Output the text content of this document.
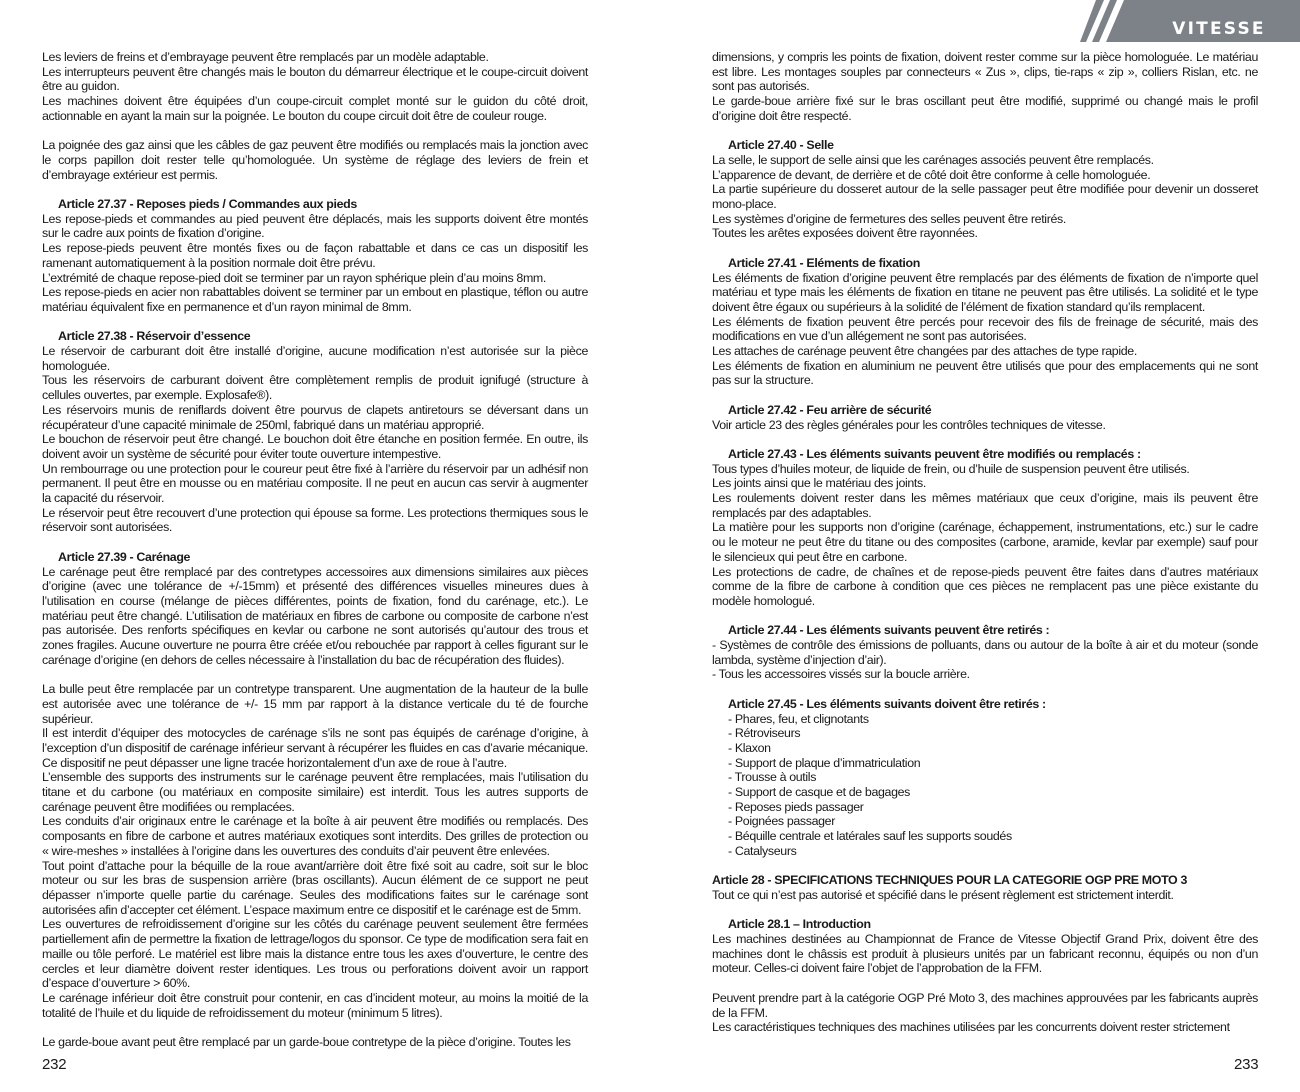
VITESSE

Les leviers de freins et d’embrayage peuvent être remplacés par un modèle adaptable.

Les interrupteurs peuvent être changés mais le bouton du démarreur électrique et le coupe-circuit doivent être au guidon.

Les machines doivent être équipées d’un coupe-circuit complet monté sur le guidon du côté droit, actionnable en ayant la main sur la poignée. Le bouton du coupe circuit doit être de couleur rouge.

La poignée des gaz ainsi que les câbles de gaz peuvent être modifiés ou remplacés mais la jonction avec le corps papillon doit rester telle qu’homologuée. Un système de réglage des leviers de frein et d’embrayage extérieur est permis.

Article 27.37 - Reposes pieds / Commandes aux pieds

Les repose-pieds et commandes au pied peuvent être déplacés, mais les supports doivent être montés sur le cadre aux points de fixation d’origine.

Les repose-pieds peuvent être montés fixes ou de façon rabattable et dans ce cas un dispositif les ramenant automatiquement à la position normale doit être prévu.

L’extrémité de chaque repose-pied doit se terminer par un rayon sphérique plein d’au moins 8mm.

Les repose-pieds en acier non rabattables doivent se terminer par un embout en plastique, téflon ou autre matériau équivalent fixe en permanence et d’un rayon minimal de 8mm.

Article 27.38 - Réservoir d’essence

Le réservoir de carburant doit être installé d’origine, aucune modification n’est autorisée sur la pièce homologuée.

Tous les réservoirs de carburant doivent être complètement remplis de produit ignifugé (structure à cellules ouvertes, par exemple. Explosafe®).

Les réservoirs munis de reniflards doivent être pourvus de clapets antiretours se déversant dans un récupérateur d’une capacité minimale de 250ml, fabriqué dans un matériau approprié.

Le bouchon de réservoir peut être changé. Le bouchon doit être étanche en position fermée. En outre, ils doivent avoir un système de sécurité pour éviter toute ouverture intempestive.

Un rembourrage ou une protection pour le coureur peut être fixé à l’arrière du réservoir par un adhésif non permanent. Il peut être en mousse ou en matériau composite. Il ne peut en aucun cas servir à augmenter la capacité du réservoir.

Le réservoir peut être recouvert d’une protection qui épouse sa forme. Les protections thermiques sous le réservoir sont autorisées.

Article 27.39 - Carénage

Le carénage peut être remplacé par des contretypes accessoires aux dimensions similaires aux pièces d’origine (avec une tolérance de +/-15mm) et présenté des différences visuelles mineures dues à l’utilisation en course (mélange de pièces différentes, points de fixation, fond du carénage, etc.). Le matériau peut être changé. L’utilisation de matériaux en fibres de carbone ou composite de carbone n’est pas autorisée. Des renforts spécifiques en kevlar ou carbone ne sont autorisés qu’autour des trous et zones fragiles. Aucune ouverture ne pourra être créée et/ou rebouchée par rapport à celles figurant sur le carénage d’origine (en dehors de celles nécessaire à l’installation du bac de récupération des fluides).

La bulle peut être remplacée par un contretype transparent. Une augmentation de la hauteur de la bulle est autorisée avec une tolérance de +/- 15 mm par rapport à la distance verticale du té de fourche supérieur.

Il est interdit d’équiper des motocycles de carénage s’ils ne sont pas équipés de carénage d’origine, à l’exception d’un dispositif de carénage inférieur servant à récupérer les fluides en cas d’avarie mécanique. Ce dispositif ne peut dépasser une ligne tracée horizontalement d’un axe de roue à l’autre.

L’ensemble des supports des instruments sur le carénage peuvent être remplacées, mais l’utilisation du titane et du carbone (ou matériaux en composite similaire) est interdit. Tous les autres supports de carénage peuvent être modifiées ou remplacées.

Les conduits d’air originaux entre le carénage et la boîte à air peuvent être modifiés ou remplacés. Des composants en fibre de carbone et autres matériaux exotiques sont interdits. Des grilles de protection ou « wire-meshes » installées à l’origine dans les ouvertures des conduits d’air peuvent être enlevées.

Tout point d’attache pour la béquille de la roue avant/arrière doit être fixé soit au cadre, soit sur le bloc moteur ou sur les bras de suspension arrière (bras oscillants). Aucun élément de ce support ne peut dépasser n’importe quelle partie du carénage. Seules des modifications faites sur le carénage sont autorisées afin d’accepter cet élément. L’espace maximum entre ce dispositif et le carénage est de 5mm.

Les ouvertures de refroidissement d’origine sur les côtés du carénage peuvent seulement être fermées partiellement afin de permettre la fixation de lettrage/logos du sponsor. Ce type de modification sera fait en maille ou tôle perforé. Le matériel est libre mais la distance entre tous les axes d’ouverture, le centre des cercles et leur diamètre doivent rester identiques. Les trous ou perforations doivent avoir un rapport d’espace d’ouverture > 60%.

Le carénage inférieur doit être construit pour contenir, en cas d’incident moteur, au moins la moitié de la totalité de l’huile et du liquide de refroidissement du moteur (minimum 5 litres).

Le garde-boue avant peut être remplacé par un garde-boue contretype de la pièce d’origine. Toutes les

dimensions, y compris les points de fixation, doivent rester comme sur la pièce homologuée. Le matériau est libre. Les montages souples par connecteurs « Zus », clips, tie-raps « zip », colliers Rislan, etc. ne sont pas autorisés.

Le garde-boue arrière fixé sur le bras oscillant peut être modifié, supprimé ou changé mais le profil d’origine doit être respecté.

Article 27.40 - Selle

La selle, le support de selle ainsi que les carénages associés peuvent être remplacés.

L’apparence de devant, de derrière et de côté doit être conforme à celle homologuée.

La partie supérieure du dosseret autour de la selle passager peut être modifiée pour devenir un dosseret mono-place.

Les systèmes d’origine de fermetures des selles peuvent être retirés.

Toutes les arêtes exposées doivent être rayonnées.

Article 27.41 - Eléments de fixation

Les éléments de fixation d’origine peuvent être remplacés par des éléments de fixation de n’importe quel matériau et type mais les éléments de fixation en titane ne peuvent pas être utilisés. La solidité et le type doivent être égaux ou supérieurs à la solidité de l’élément de fixation standard qu’ils remplacent.

Les éléments de fixation peuvent être percés pour recevoir des fils de freinage de sécurité, mais des modifications en vue d’un allégement ne sont pas autorisées.

Les attaches de carénage peuvent être changées par des attaches de type rapide.

Les éléments de fixation en aluminium ne peuvent être utilisés que pour des emplacements qui ne sont pas sur la structure.

Article 27.42 - Feu arrière de sécurité

Voir article 23 des règles générales pour les contrôles techniques de vitesse.

Article 27.43 - Les éléments suivants peuvent être modifiés ou remplacés :

Tous types d’huiles moteur, de liquide de frein, ou d’huile de suspension peuvent être utilisés.

Les joints ainsi que le matériau des joints.

Les roulements doivent rester dans les mêmes matériaux que ceux d’origine, mais ils peuvent être remplacés par des adaptables.

La matière pour les supports non d’origine (carénage, échappement, instrumentations, etc.) sur le cadre ou le moteur ne peut être du titane ou des composites (carbone, aramide, kevlar par exemple) sauf pour le silencieux qui peut être en carbone.

Les protections de cadre, de chaînes et de repose-pieds peuvent être faites dans d’autres matériaux comme de la fibre de carbone à condition que ces pièces ne remplacent pas une pièce existante du modèle homologué.

Article 27.44 - Les éléments suivants peuvent être retirés :

- Systèmes de contrôle des émissions de polluants, dans ou autour de la boîte à air et du moteur (sonde lambda, système d’injection d’air).

- Tous les accessoires vissés sur la boucle arrière.

Article 27.45 - Les éléments suivants doivent être retirés :

- Phares, feu, et clignotants

- Rétroviseurs

- Klaxon

- Support de plaque d’immatriculation

- Trousse à outils

- Support de casque et de bagages

- Reposes pieds passager

- Poignées passager

- Béquille centrale et latérales sauf les supports soudés

- Catalyseurs

Article 28 - SPECIFICATIONS TECHNIQUES POUR LA CATEGORIE OGP PRE MOTO 3

Tout ce qui n’est pas autorisé et spécifié dans le présent règlement est strictement interdit.

Article 28.1 – Introduction

Les machines destinées au Championnat de France de Vitesse Objectif Grand Prix, doivent être des machines dont le châssis est produit à plusieurs unités par un fabricant reconnu, équipés ou non d’un moteur. Celles-ci doivent faire l’objet de l’approbation de la FFM.

Peuvent prendre part à la catégorie OGP Pré Moto 3, des machines approuvées par les fabricants auprès de la FFM.

Les caractéristiques techniques des machines utilisées par les concurrents doivent rester strictement

232	233
